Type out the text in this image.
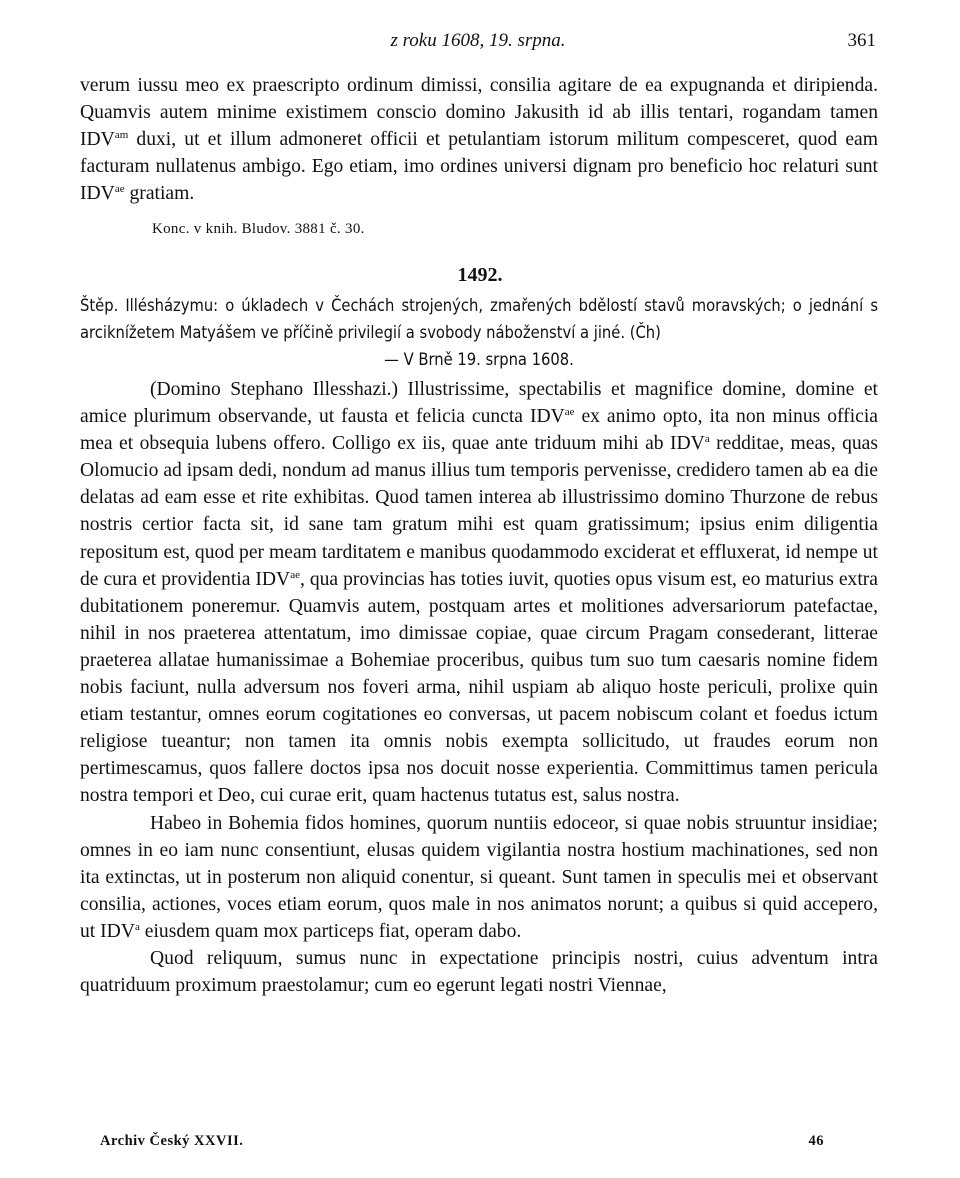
z roku 1608, 19. srpna.	361

verum iussu meo ex praescripto ordinum dimissi, consilia agitare de ea expugnanda et diripienda. Quamvis autem minime existimem conscio domino Jakusith id ab illis tentari, rogandam tamen $IDV^{am}$ duxi, ut et illum admoneret officii et petulantiam istorum militum compesceret, quod eam facturam nullatenus ambigo. Ego etiam, imo ordines universi dignam pro beneficio hoc relaturi sunt $IDV^{ae}$ gratiam.

Konc. v knih. Bludov. 3881 č. 30.
1492.
Štěp. Illésházymu: o úkladech v Čechách strojených, zmařených bdělostí stavů moravských; o jednání s arciknížetem Matyášem ve příčině privilegií a svobody náboženství a jiné. (Čh)
— V Brně 19. srpna 1608.

(Domino Stephano Illesshazi.) Illustrissime, spectabilis et magnifice domine, domine et amice plurimum observande, ut fausta et felicia cuncta $IDV^{ae}$ ex animo opto, ita non minus officia mea et obsequia lubens offero. Colligo ex iis, quae ante triduum mihi ab IDV$^a$ redditae, meas, quas Olomucio ad ipsam dedi, nondum ad manus illius tum temporis pervenisse, credidero tamen ab ea die delatas ad eam esse et rite exhibitas. Quod tamen interea ab illustrissimo domino Thurzone de rebus nostris certior facta sit, id sane tam gratum mihi est quam gratissimum; ipsius enim diligentia repositum est, quod per meam tarditatem e manibus quodammodo exciderat et effluxerat, id nempe ut de cura et providentia $IDV^{ae}$, qua provincias has toties iuvit, quoties opus visum est, eo maturius extra dubitationem poneremur. Quamvis autem, postquam artes et molitiones adversariorum patefactae, nihil in nos praeterea attentatum, imo dimissae copiae, quae circum Pragam consederant, litterae praeterea allatae humanissimae a Bohemiae proceribus, quibus tum suo tum caesaris nomine fidem nobis faciunt, nulla adversum nos foveri arma, nihil uspiam ab aliquo hoste periculi, prolixe quin etiam testantur, omnes eorum cogitationes eo conversas, ut pacem nobiscum colant et foedus ictum religiose tueantur; non tamen ita omnis nobis exempta sollicitudo, ut fraudes eorum non pertimescamus, quos fallere doctos ipsa nos docuit nosse experientia. Committimus tamen pericula nostra tempori et Deo, cui curae erit, quam hactenus tutatus est, salus nostra.

Habeo in Bohemia fidos homines, quorum nuntiis edoceor, si quae nobis struuntur insidiae; omnes in eo iam nunc consentiunt, elusas quidem vigilantia nostra hostium machinationes, sed non ita extinctas, ut in posterum non aliquid conentur, si queant. Sunt tamen in speculis mei et observant consilia, actiones, voces etiam eorum, quos male in nos animatos norunt; a quibus si quid accepero, ut IDV$^a$ eiusdem quam mox particeps fiat, operam dabo.

Quod reliquum, sumus nunc in expectatione principis nostri, cuius adventum intra quatriduum proximum praestolamur; cum eo egerunt legati nostri Viennae,

Archiv Český XXVII.	46
